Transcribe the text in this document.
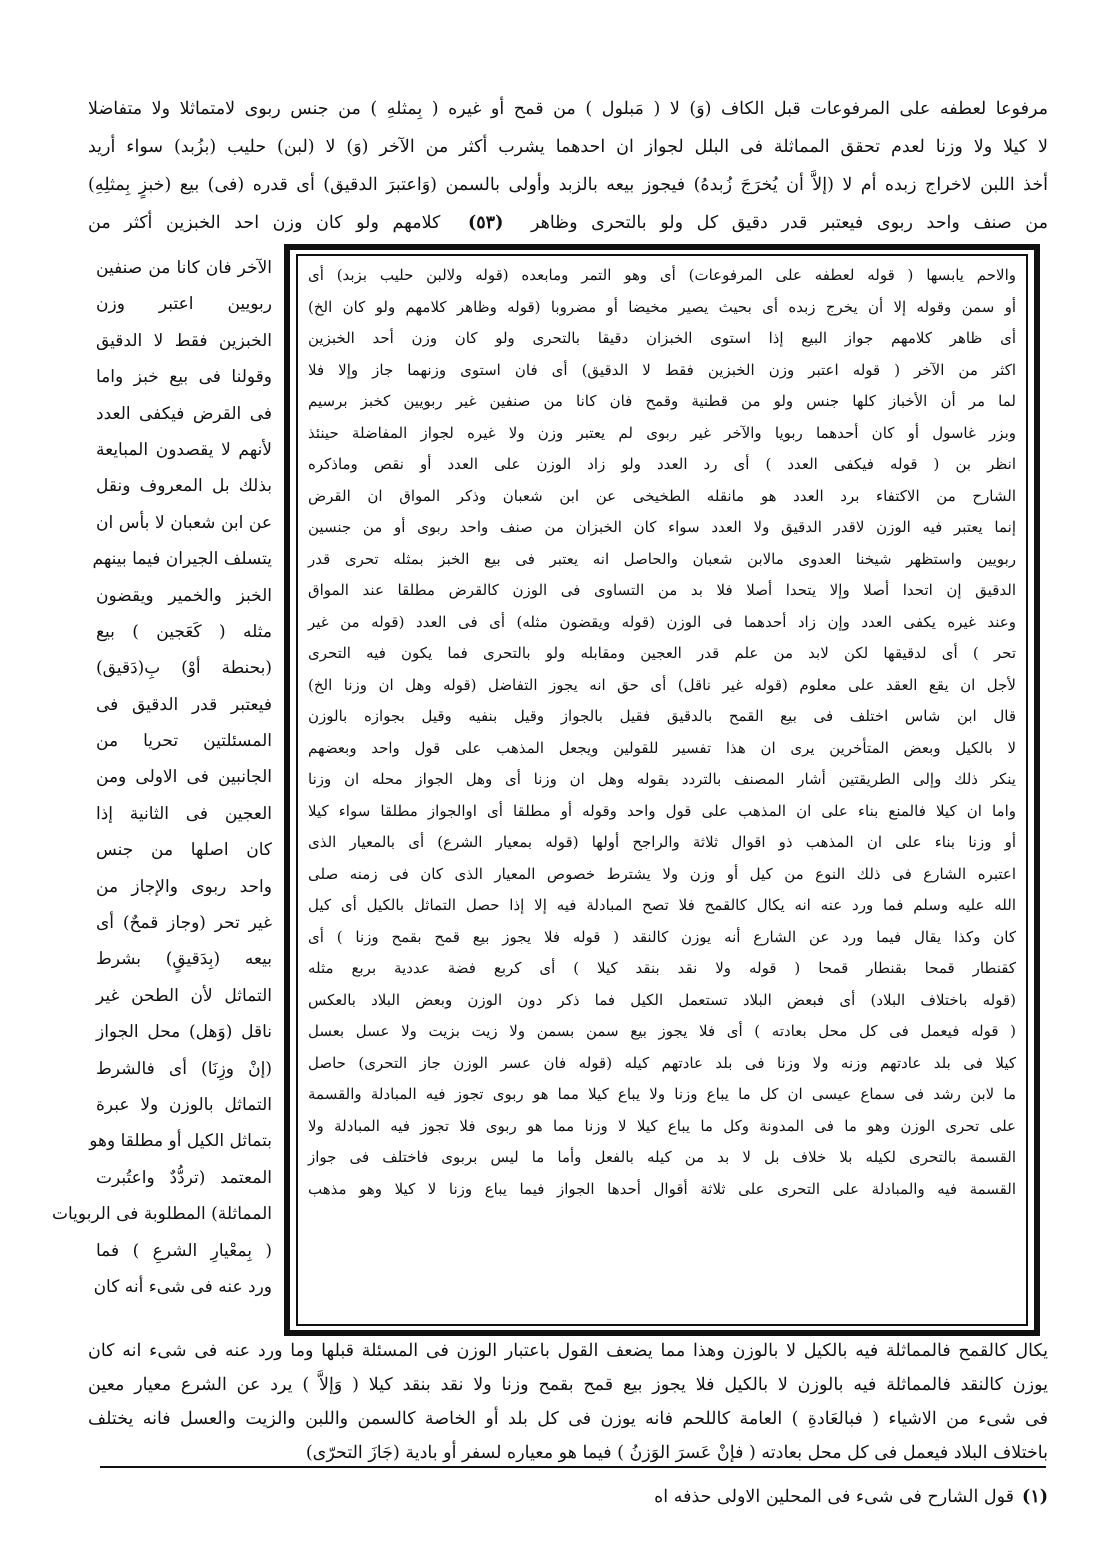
مرفوعا لعطفه على المرفوعات قبل الكاف (وَ) لا ( مَبلول ) من قمح أو غيره ( بِمثلهِ ) من جنس ربوى لامتماثلا ولا متفاضلا
لا كيلا ولا وزنا لعدم تحقق المماثلة فى البلل لجواز ان احدهما يشرب أكثر من الآخر (وَ) لا (لبن) حليب (بزُبد) سواء أريد
أخذ اللبن لاخراج زبده أم لا (إلاَّ أن يُخرَجَ زُبدهُ) فيجوز بيعه بالزبد وأولى بالسمن (وَاعتبرَ الدقيق) أى قدره (فى) بيع (خبزٍ بِمثلِهِ)
من صنف واحد ربوى فيعتبر قدر دقيق كل ولو بالتحرى وظاهر (٥٣) كلامهم ولو كان وزن احد الخبزين أكثر من
والاحم يابسها ( قوله لعطفه على المرفوعات) أى وهو التمر ومابعده (قوله ولالبن حليب بزبد) أى
أو سمن وقوله إلا أن يخرج زبده أى بحيث يصير مخيضا أو مضروبا (قوله وظاهر كلامهم ولو كان الخ)
أى ظاهر كلامهم جواز البيع إذا استوى الخبزان دقيقا بالتحرى ولو كان وزن أحد الخبزين
اكثر من الآخر ( قوله اعتبر وزن الخبزين فقط لا الدقيق) أى فان استوى وزنهما جاز وإلا فلا
لما مر أن الأخباز كلها جنس ولو من قطنية وقمح فان كانا من صنفين غير ربويين كخبز برسيم
وبزر غاسول أو كان أحدهما ربويا والآخر غير ربوى لم يعتبر وزن ولا غيره لجواز المفاضلة حينئذ
انظر بن ( قوله فيكفى العدد ) أى رد العدد ولو زاد الوزن على العدد أو نقص وماذكره
الشارح من الاكتفاء برد العدد هو مانقله الطخيخى عن ابن شعبان وذكر المواق ان القرض
إنما يعتبر فيه الوزن لاقدر الدقيق ولا العدد سواء كان الخبزان من صنف واحد ربوى أو من جنسين
ربويين واستظهر شيخنا العدوى مالابن شعبان والحاصل انه يعتبر فى بيع الخبز بمثله تحرى قدر
الدقيق إن اتحدا أصلا وإلا يتحدا أصلا فلا بد من التساوى فى الوزن كالقرض مطلقا عند المواق
وعند غيره يكفى العدد وإن زاد أحدهما فى الوزن (قوله ويقضون مثله) أى فى العدد (قوله من غير
تحر ) أى لدقيقها لكن لابد من علم قدر العجين ومقابله ولو بالتحرى فما يكون فيه التحرى
لأجل ان يقع العقد على معلوم (قوله غير ناقل) أى حق انه يجوز التفاضل (قوله وهل ان وزنا الخ)
قال ابن شاس اختلف فى بيع القمح بالدقيق فقيل بالجواز وقيل بنفيه وقيل بجوازه بالوزن
لا بالكيل وبعض المتأخرين يرى ان هذا تفسير للقولين ويجعل المذهب على قول واحد وبعضهم
ينكر ذلك وإلى الطريقتين أشار المصنف بالتردد بقوله وهل ان وزنا أى وهل الجواز محله ان وزنا
واما ان كيلا فالمنع بناء على ان المذهب على قول واحد وقوله أو مطلقا أى اوالجواز مطلقا سواء كيلا
أو وزنا بناء على ان المذهب ذو اقوال ثلاثة والراجح أولها (قوله بمعيار الشرع) أى بالمعيار الذى
اعتبره الشارع فى ذلك النوع من كيل أو وزن ولا يشترط خصوص المعيار الذى كان فى زمنه صلى
الله عليه وسلم فما ورد عنه انه يكال كالقمح فلا تصح المبادلة فيه إلا إذا حصل التماثل بالكيل أى كيل
كان وكذا يقال فيما ورد عن الشارع أنه يوزن كالنقد ( قوله فلا يجوز بيع قمح بقمح وزنا ) أى
كقنطار قمحا بقنطار قمحا ( قوله ولا نقد بنقد كيلا ) أى كربع فضة عددية بربع مثله
(قوله باختلاف البلاد) أى فبعض البلاد تستعمل الكيل فما ذكر دون الوزن وبعض البلاد بالعكس
( قوله فيعمل فى كل محل بعادته ) أى فلا يجوز بيع سمن بسمن ولا زيت بزيت ولا عسل بعسل
كيلا فى بلد عادتهم وزنه ولا وزنا فى بلد عادتهم كيله (قوله فان عسر الوزن جاز التحرى) حاصل
ما لابن رشد فى سماع عيسى ان كل ما يباع وزنا ولا يباع كيلا مما هو ربوى تجوز فيه المبادلة والقسمة
على تحرى الوزن وهو ما فى المدونة وكل ما يباع كيلا لا وزنا مما هو ربوى فلا تجوز فيه المبادلة ولا
القسمة بالتحرى لكيله بلا خلاف بل لا بد من كيله بالفعل وأما ما ليس بربوى فاختلف فى جواز
القسمة فيه والمبادلة على التحرى على ثلاثة أقوال أحدها الجواز فيما يباع وزنا لا كيلا وهو مذهب
الآخر فان كانا من صنفين
ربويين اعتبر وزن
الخبزين فقط لا الدقيق
وقولنا فى بيع خبز واما
فى القرض فيكفى العدد
لأنهم لا يقصدون المبايعة
بذلك بل المعروف ونقل
عن ابن شعبان لا بأس ان
يتسلف الجيران فيما بينهم
الخبز والخمير ويقضون
مثله ( كَعَجين ) بيع
(بحنطة أوْ) بِ(دَقيق)
فيعتبر قدر الدقيق فى
المسئلتين تحريا من
الجانبين فى الاولى ومن
العجين فى الثانية إذا
كان اصلها من جنس
واحد ربوى والإجاز من
غير تحر (وجاز قمحٌ) أى
بيعه (بِدَقيقٍ) بشرط
التماثل لأن الطحن غير
ناقل (وَهل) محل الجواز
(إنْ وزِنَا) أى فالشرط
التماثل بالوزن ولا عبرة
بتماثل الكيل أو مطلقا وهو
المعتمد (تردُّدٌ واعتُبرت
المماثلة) المطلوبة فى الربويات
( بِمعْيارِ الشرعِ ) فما
ورد عنه فى شىء أنه كان
يكال كالقمح فالمماثلة فيه بالكيل لا بالوزن وهذا مما يضعف القول باعتبار الوزن فى المسئلة قبلها وما ورد عنه فى شىء انه كان
يوزن كالنقد فالمماثلة فيه بالوزن لا بالكيل فلا يجوز بيع قمح بقمح وزنا ولا نقد بنقد كيلا ( وَإلاَّ ) يرد عن الشرع معيار معين
فى شىء من الاشياء ( فبالعَادةِ ) العامة كاللحم فانه يوزن فى كل بلد أو الخاصة كالسمن واللبن والزيت والعسل فانه يختلف
باختلاف البلاد فيعمل فى كل محل بعادته ( فإنْ عَسرَ الوَزنُ ) فيما هو معياره لسفر أو بادية (جَازَ التحرّى)
(١)قول الشارح فى شىء فى المحلين الاولى حذفه اه
